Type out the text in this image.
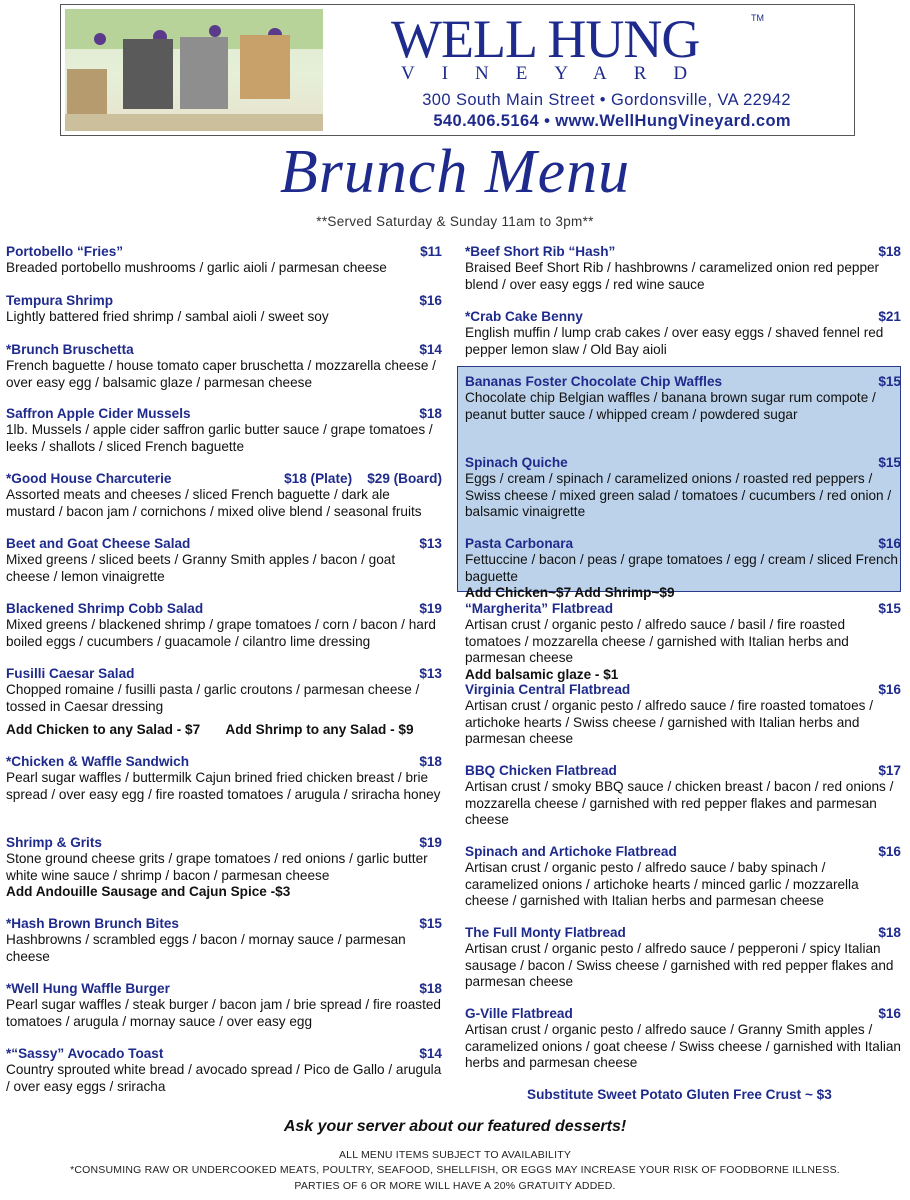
WELL HUNG	TM
VINEYARD
300 South Main Street • Gordonsville, VA 22942
540.406.5164 • www.WellHungVineyard.com
Brunch Menu
**Served Saturday & Sunday 11am to 3pm**
Portobello “Fries”	$11
Breaded portobello mushrooms / garlic aioli / parmesan cheese
Tempura Shrimp	$16
Lightly battered fried shrimp / sambal aioli / sweet soy
*Brunch Bruschetta	$14
French baguette / house tomato caper bruschetta / mozzarella cheese / over easy egg / balsamic glaze / parmesan cheese
Saffron Apple Cider Mussels	$18
1lb. Mussels / apple cider saffron garlic butter sauce / grape tomatoes / leeks / shallots / sliced French baguette
*Good House Charcuterie	$18 (Plate)    $29 (Board)
Assorted meats and cheeses / sliced French baguette / dark ale mustard / bacon jam / cornichons / mixed olive blend / seasonal fruits
Beet and Goat Cheese Salad	$13
Mixed greens / sliced beets / Granny Smith apples / bacon / goat cheese / lemon vinaigrette
Blackened Shrimp Cobb Salad	$19
Mixed greens / blackened shrimp / grape tomatoes / corn / bacon / hard boiled eggs / cucumbers / guacamole / cilantro lime dressing
Fusilli Caesar Salad	$13
Chopped romaine / fusilli pasta / garlic croutons / parmesan cheese / tossed in Caesar dressing
*Chicken & Waffle Sandwich	$18
Pearl sugar waffles / buttermilk Cajun brined fried chicken breast / brie spread / over easy egg / fire roasted tomatoes / arugula / sriracha honey
Shrimp & Grits	$19
Stone ground cheese grits / grape tomatoes / red onions / garlic butter white wine sauce / shrimp / bacon / parmesan cheese
Add Andouille Sausage and Cajun Spice -$3
*Hash Brown Brunch Bites	$15
Hashbrowns / scrambled eggs / bacon / mornay sauce / parmesan cheese
*Well Hung Waffle Burger	$18
Pearl sugar waffles / steak burger / bacon jam / brie spread / fire roasted tomatoes / arugula / mornay sauce / over easy egg
*“Sassy” Avocado Toast	$14
Country sprouted white bread / avocado spread / Pico de Gallo / arugula / over easy eggs / sriracha
Add Chicken to any Salad - $7 Add Shrimp to any Salad - $9
*Beef Short Rib “Hash”	$18
Braised Beef Short Rib / hashbrowns / caramelized onion red pepper blend / over easy eggs / red wine sauce
*Crab Cake Benny	$21
English muffin / lump crab cakes / over easy eggs / shaved fennel red pepper lemon slaw / Old Bay aioli
Bananas Foster Chocolate Chip Waffles	$15
Chocolate chip Belgian waffles / banana brown sugar rum compote / peanut butter sauce / whipped cream / powdered sugar
Spinach Quiche	$15
Eggs / cream / spinach / caramelized onions / roasted red peppers / Swiss cheese / mixed green salad / tomatoes / cucumbers / red onion / balsamic vinaigrette
Pasta Carbonara	$16
Fettuccine / bacon / peas / grape tomatoes / egg / cream / sliced French baguette
Add Chicken~$7 Add Shrimp~$9
“Margherita” Flatbread	$15
Artisan crust / organic pesto / alfredo sauce / basil / fire roasted tomatoes / mozzarella cheese / garnished with Italian herbs and parmesan cheese
Add balsamic glaze - $1
Virginia Central Flatbread	$16
Artisan crust / organic pesto / alfredo sauce / fire roasted tomatoes / artichoke hearts / Swiss cheese / garnished with Italian herbs and parmesan cheese
BBQ Chicken Flatbread	$17
Artisan crust / smoky BBQ sauce / chicken breast / bacon / red onions / mozzarella cheese / garnished with red pepper flakes and parmesan cheese
Spinach and Artichoke Flatbread	$16
Artisan crust / organic pesto / alfredo sauce / baby spinach / caramelized onions / artichoke hearts / minced garlic / mozzarella cheese / garnished with Italian herbs and parmesan cheese
The Full Monty Flatbread	$18
Artisan crust / organic pesto / alfredo sauce / pepperoni / spicy Italian sausage / bacon / Swiss cheese / garnished with red pepper flakes and parmesan cheese
G-Ville Flatbread	$16
Artisan crust / organic pesto / alfredo sauce / Granny Smith apples / caramelized onions / goat cheese / Swiss cheese / garnished with Italian herbs and parmesan cheese
Substitute Sweet Potato Gluten Free Crust ~ $3
Ask your server about our featured desserts!
ALL MENU ITEMS SUBJECT TO AVAILABILITY
*CONSUMING RAW OR UNDERCOOKED MEATS, POULTRY, SEAFOOD, SHELLFISH, OR EGGS MAY INCREASE YOUR RISK OF FOODBORNE ILLNESS.
PARTIES OF 6 OR MORE WILL HAVE A 20% GRATUITY ADDED.
